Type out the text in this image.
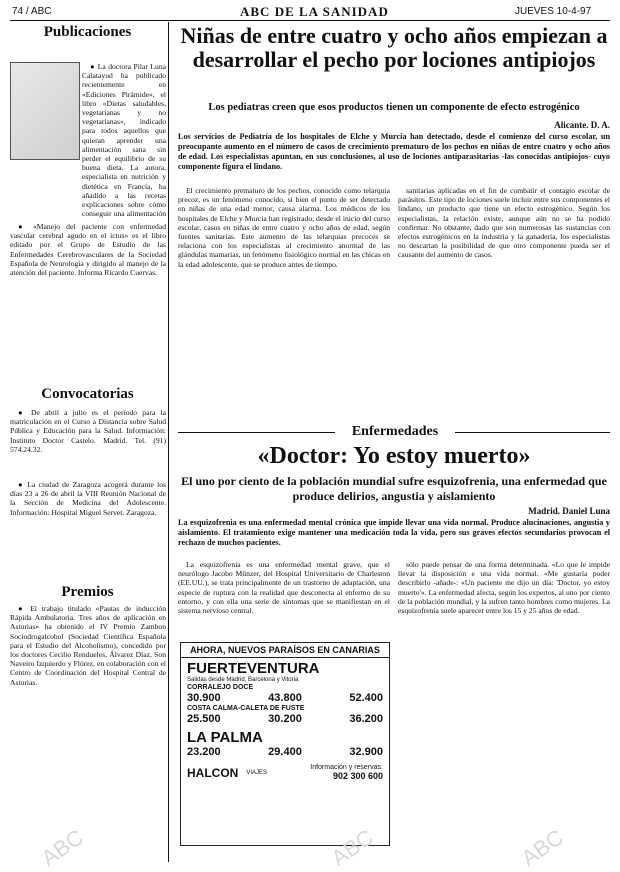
74 / ABC	ABC DE LA SANIDAD	JUEVES 10-4-97
Publicaciones

● La doctora Pilar Luna Calatayud ha publicado recientemente en «Ediciones Pirámide», el libro «Dietas saludables, vegetarianas y no vegetarianas», indicado para todos aquellos que quieran aprender una alimentación sana sin perder el equilibrio de su buena dieta. La autora, especialista en nutrición y dietética en Francia, ha añadido a las recetas explicaciones sobre cómo conseguir una alimentación

● «Manejo del paciente con enfermedad vascular cerebral agudo en el ictus» es el libro editado por el Grupo de Estudio de las Enfermedades Cerebrovasculares de la Sociedad Española de Neurología y dirigido al manejo de la atención del paciente. Informa Ricardo Cuervas.

Convocatorias

● De abril a julio es el período para la matriculación en el Curso a Distancia sobre Salud Pública y Educación para la Salud. Información: Instituto Doctor Castelo. Madrid. Tel. (91) 574.24.32.

● La ciudad de Zaragoza acogerá durante los días 23 a 26 de abril la VIII Reunión Nacional de la Sección de Medicina del Adolescente. Información: Hospital Miguel Servet. Zaragoza.

Premios

● El trabajo titulado «Pautas de inducción Rápida Ambulatoria. Tres años de aplicación en Asturias» ha obtenido el IV Premio Zambon Sociodrogalcohol (Sociedad Científica Española para el Estudio del Alcoholismo), concedido por los doctores Cecilio Rendueles, Álvarez Díaz, Son Naveiro Izquierdo y Flórez, en colaboración con el Centro de Coordinación del Hospital Central de Asturias.

Niñas de entre cuatro y ocho años empiezan a desarrollar el pecho por lociones antipiojos
Los pediatras creen que esos productos tienen un componente de efecto estrogénico
Alicante. D. A.
Los servicios de Pediatría de los hospitales de Elche y Murcia han detectado, desde el comienzo del curso escolar, un preocupante aumento en el número de casos de crecimiento prematuro de los pechos en niñas de entre cuatro y ocho años de edad. Los especialistas apuntan, en sus conclusiones, al uso de lociones antiparasitarias -las conocidas antipiojos- cuyo componente figura el lindano.

El crecimiento prematuro de los pechos, conocido como telarquia precoz, es un fenómeno conocido, si bien el punto de ser detectado en niñas de una edad menor, causa alarma. Los médicos de los hospitales de Elche y Murcia han registrado, desde el inicio del curso escolar, casos en niñas de entre cuatro y ocho años de edad, según fuentes sanitarias. Este aumento de las telarquias precoces se relaciona con los especialistas al crecimiento anormal de las glándulas mamarias, un fenómeno fisiológico normal en las chicas en la edad adolescente, que se produce antes de tiempo.

sanitarias aplicadas en el fin de combatir el contagio escolar de parásitos. Este tipo de lociones suele incluir entre sus componentes el lindano, un producto que tiene un efecto estrogénico. Según los especialistas, la relación existe, aunque aún no se ha podido confirmar. No obstante, dado que son numerosas las sustancias con efectos estrogénicos en la industria y la ganadería, los especialistas no descartan la posibilidad de que otro componente pueda ser el causante del aumento de casos.

Enfermedades
«Doctor: Yo estoy muerto»
El uno por ciento de la población mundial sufre esquizofrenia, una enfermedad que produce delirios, angustia y aislamiento
Madrid. Daniel Luna
La esquizofrenia es una enfermedad mental crónica que impide llevar una vida normal. Produce alucinaciones, angustia y aislamiento. El tratamiento exige mantener una medicación toda la vida, pero sus graves efectos secundarios provocan el rechazo de muchos pacientes.

La esquizofrenia es una enfermedad mental grave, que el neurólogo Jacobo Münzer, del Hospital Universitario de Charleston (EE.UU.), se trata principalmente de un trastorno de adaptación, una especie de ruptura con la realidad que desconecta al enfermo de su entorno, y con ella una serie de síntomas que se manifiestan en el sistema nervioso central.

sólo puede pensar de una forma determinada. «Lo que le impide llevar la disposición e una vida normal. «Me gustaría poder describirlo -añade-: «Un paciente me dijo un día: 'Doctor, yo estoy muerto'». La enfermedad afecta, según los expertos, al uno por ciento de la población mundial, y la sufren tanto hombres como mujeres. La esquizofrenia suele aparecer entre los 15 y 25 años de edad.

AHORA, NUEVOS PARAÍSOS EN CANARIAS
FUERTEVENTURA
Salidas desde Madrid, Barcelona y Vitoria
CORRALEJO DOCE
30.900	43.800	52.400
COSTA CALMA-CALETA DE FUSTE
25.500	30.200	36.200
LA PALMA
23.200	29.400	32.900
HALCON VIAJES
Información y reservas:
902 300 600
ABC	ABC	ABC
